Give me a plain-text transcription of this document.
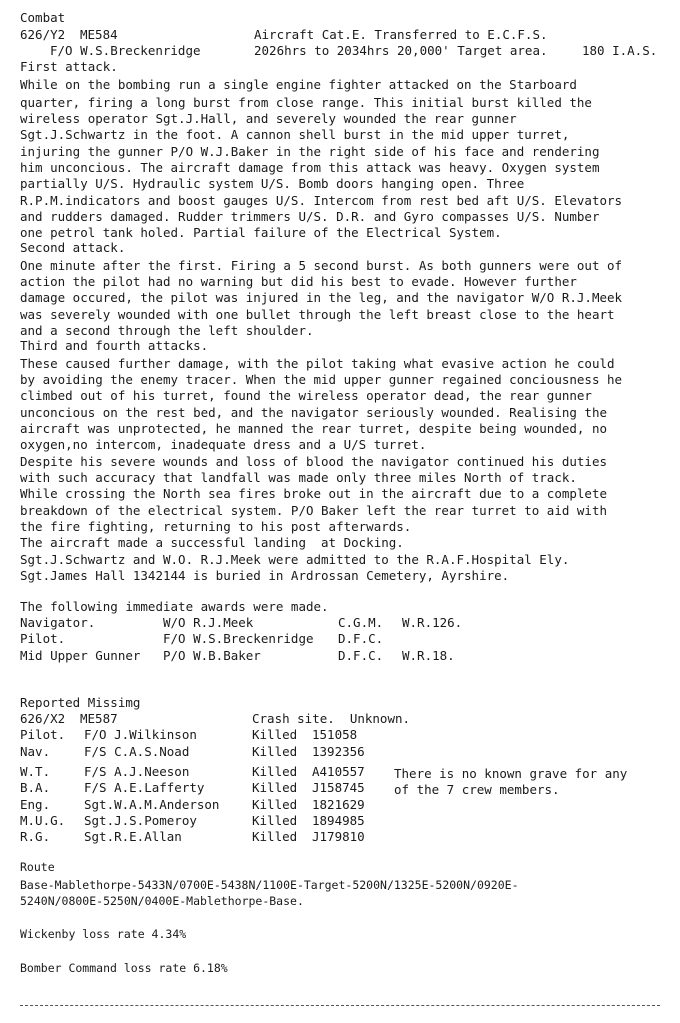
Combat
626/Y2 ME584	Aircraft Cat.E. Transferred to E.C.F.S.
F/O W.S.Breckenridge	2026hrs to 2034hrs 20,000' Target area.	180 I.A.S.
First attack.
While on the bombing run a single engine fighter attacked on the Starboard
quarter, firing a long burst from close range. This initial burst killed the
wireless operator Sgt.J.Hall, and severely wounded the rear gunner
Sgt.J.Schwartz in the foot. A cannon shell burst in the mid upper turret,
injuring the gunner P/O W.J.Baker in the right side of his face and rendering
him unconcious. The aircraft damage from this attack was heavy. Oxygen system
partially U/S. Hydraulic system U/S. Bomb doors hanging open. Three
R.P.M.indicators and boost gauges U/S. Intercom from rest bed aft U/S. Elevators
and rudders damaged. Rudder trimmers U/S. D.R. and Gyro compasses U/S. Number
one petrol tank holed. Partial failure of the Electrical System.
Second attack.
One minute after the first. Firing a 5 second burst. As both gunners were out of
action the pilot had no warning but did his best to evade. However further
damage occured, the pilot was injured in the leg, and the navigator W/O R.J.Meek
was severely wounded with one bullet through the left breast close to the heart
and a second through the left shoulder.
Third and fourth attacks.
These caused further damage, with the pilot taking what evasive action he could
by avoiding the enemy tracer. When the mid upper gunner regained conciousness he
climbed out of his turret, found the wireless operator dead, the rear gunner
unconcious on the rest bed, and the navigator seriously wounded. Realising the
aircraft was unprotected, he manned the rear turret, despite being wounded, no
oxygen,no intercom, inadequate dress and a U/S turret.
Despite his severe wounds and loss of blood the navigator continued his duties
with such accuracy that landfall was made only three miles North of track.
While crossing the North sea fires broke out in the aircraft due to a complete
breakdown of the electrical system. P/O Baker left the rear turret to aid with
the fire fighting, returning to his post afterwards.
The aircraft made a successful landing  at Docking.
Sgt.J.Schwartz and W.O. R.J.Meek were admitted to the R.A.F.Hospital Ely.
Sgt.James Hall 1342144 is buried in Ardrossan Cemetery, Ayrshire.
The following immediate awards were made.
Navigator.	W/O R.J.Meek	C.G.M. W.R.126.
Pilot.	F/O W.S.Breckenridge D.F.C.
Mid Upper Gunner P/O W.B.Baker	D.F.C. W.R.18.
Reported Missimg
626/X2 ME587	Crash site.  Unknown.
Pilot. F/O J.Wilkinson	Killed 151058
Nav.	F/S C.A.S.Noad	Killed 1392356
W.T.	F/S A.J.Neeson	Killed A410557
B.A.	F/S A.E.Lafferty	Killed J158745
Eng.	Sgt.W.A.M.Anderson	Killed 1821629
M.U.G. Sgt.J.S.Pomeroy	Killed 1894985
R.G.	Sgt.R.E.Allan	Killed J179810
There is no known grave for any
of the 7 crew members.
Route
Base-Mablethorpe-5433N/0700E-5438N/1100E-Target-5200N/1325E-5200N/0920E-
5240N/0800E-5250N/0400E-Mablethorpe-Base.
Wickenby loss rate 4.34%
Bomber Command loss rate 6.18%
